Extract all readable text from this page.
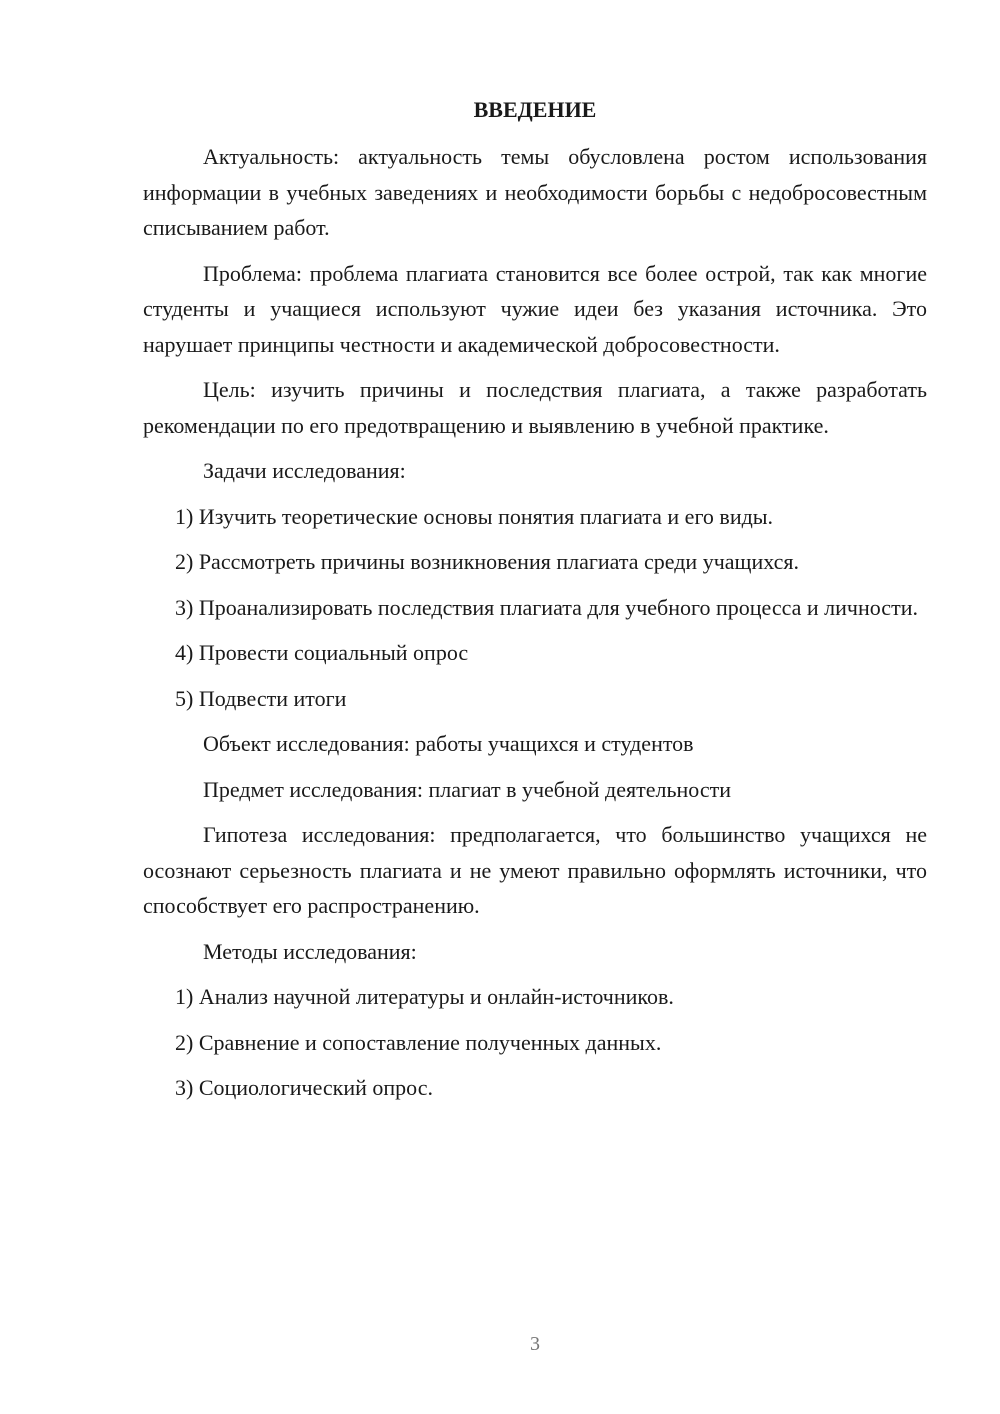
ВВЕДЕНИЕ

Актуальность: актуальность темы обусловлена ростом использования информации в учебных заведениях и необходимости борьбы с недобросовестным списыванием работ.

Проблема: проблема плагиата становится все более острой, так как многие студенты и учащиеся используют чужие идеи без указания источника. Это нарушает принципы честности и академической добросовестности.

Цель: изучить причины и последствия плагиата, а также разработать рекомендации по его предотвращению и выявлению в учебной практике.

Задачи исследования:

1) Изучить теоретические основы понятия плагиата и его виды.

2) Рассмотреть причины возникновения плагиата среди учащихся.

3) Проанализировать последствия плагиата для учебного процесса и личности.

4) Провести социальный опрос

5) Подвести итоги

Объект исследования: работы учащихся и студентов

Предмет исследования: плагиат в учебной деятельности

Гипотеза исследования: предполагается, что большинство учащихся не осознают серьезность плагиата и не умеют правильно оформлять источники, что способствует его распространению.

Методы исследования:

1) Анализ научной литературы и онлайн-источников.

2) Сравнение и сопоставление полученных данных.

3) Социологический опрос.

3
